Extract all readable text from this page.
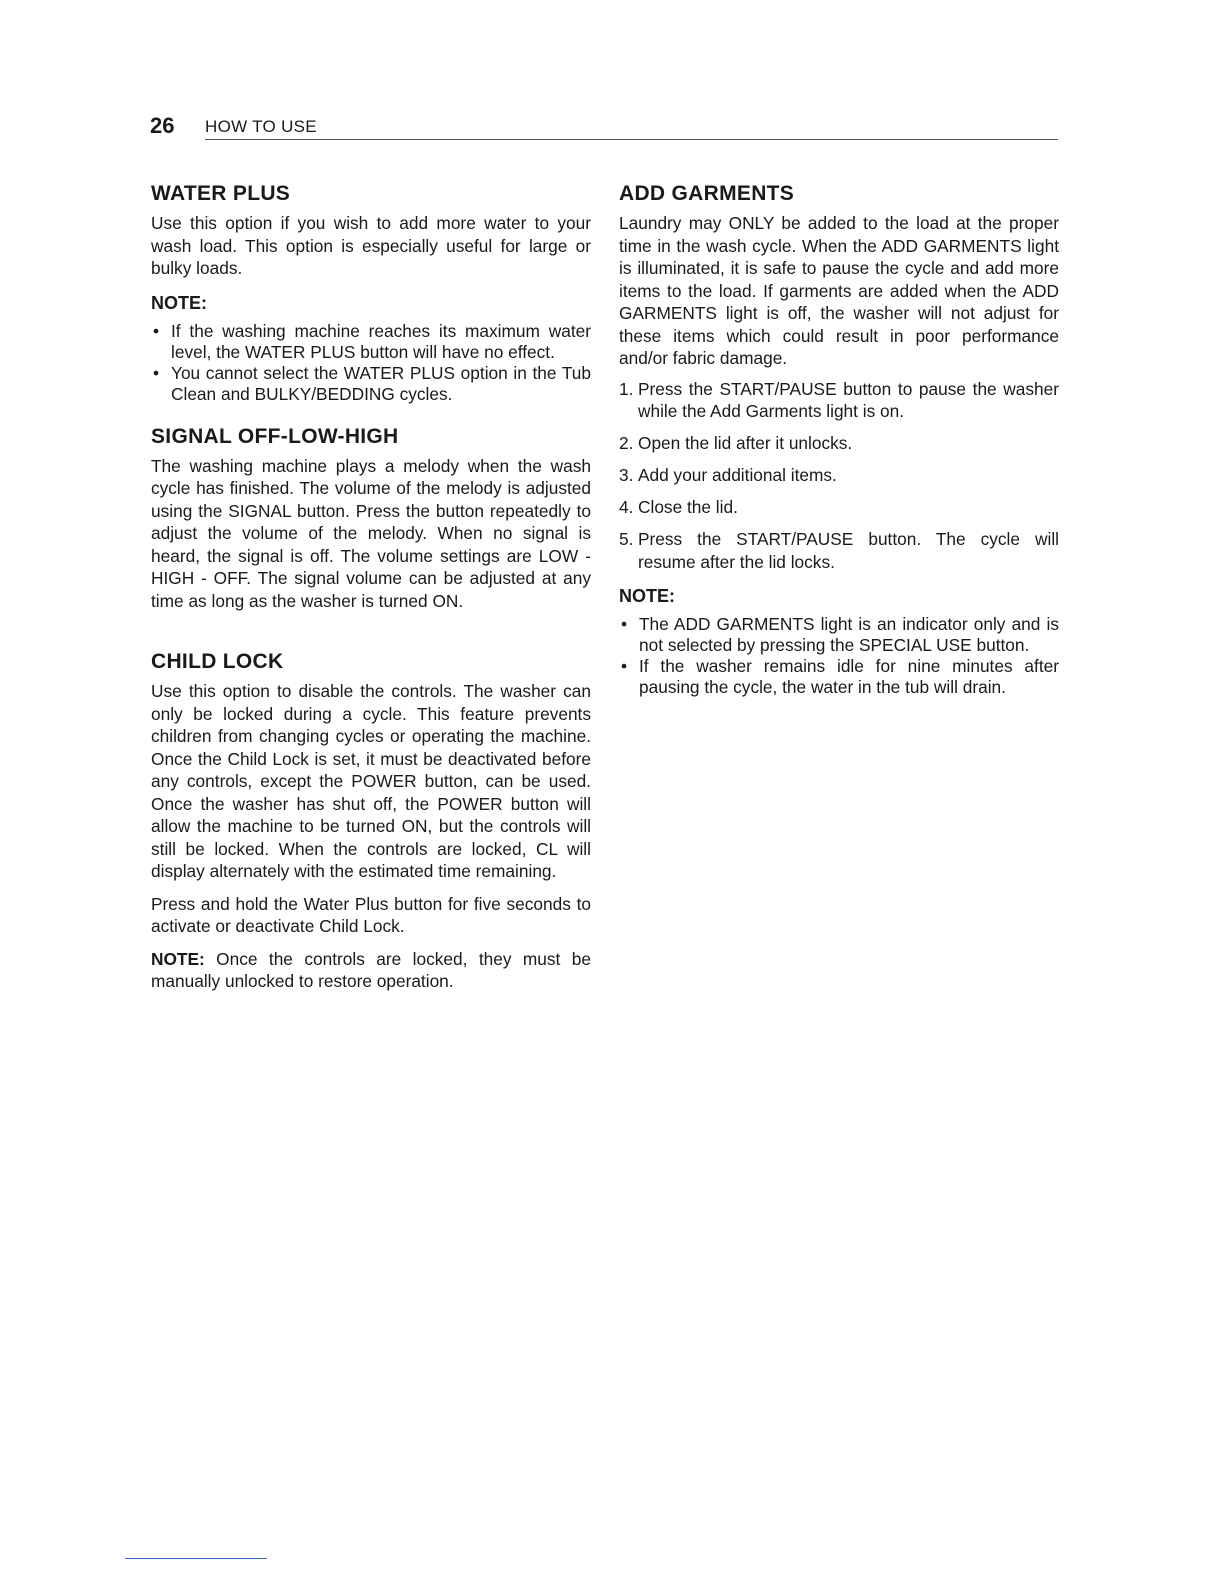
26 HOW TO USE
WATER PLUS

Use this option if you wish to add more water to your wash load. This option is especially useful for large or bulky loads.

NOTE:
• If the washing machine reaches its maximum water level, the WATER PLUS button will have no effect.
• You cannot select the WATER PLUS option in the Tub Clean and BULKY/BEDDING cycles.
SIGNAL OFF-LOW-HIGH

The washing machine plays a melody when the wash cycle has finished. The volume of the melody is adjusted using the SIGNAL button. Press the button repeatedly to adjust the volume of the melody. When no signal is heard, the signal is off. The volume settings are LOW - HIGH - OFF. The signal volume can be adjusted at any time as long as the washer is turned ON.

CHILD LOCK

Use this option to disable the controls. The washer can only be locked during a cycle. This feature prevents children from changing cycles or operating the machine. Once the Child Lock is set, it must be deactivated before any controls, except the POWER button, can be used. Once the washer has shut off, the POWER button will allow the machine to be turned ON, but the controls will still be locked. When the controls are locked, CL will display alternately with the estimated time remaining.

Press and hold the Water Plus button for five seconds to activate or deactivate Child Lock.

NOTE: Once the controls are locked, they must be manually unlocked to restore operation.

ADD GARMENTS

Laundry may ONLY be added to the load at the proper time in the wash cycle. When the ADD GARMENTS light is illuminated, it is safe to pause the cycle and add more items to the load. If garments are added when the ADD GARMENTS light is off, the washer will not adjust for these items which could result in poor performance and/or fabric damage.

1. Press the START/PAUSE button to pause the washer while the Add Garments light is on.
2. Open the lid after it unlocks.
3. Add your additional items.
4. Close the lid.
5. Press the START/PAUSE button. The cycle will resume after the lid locks.
NOTE:
• The ADD GARMENTS light is an indicator only and is not selected by pressing the SPECIAL USE button.
• If the washer remains idle for nine minutes after pausing the cycle, the water in the tub will drain.
